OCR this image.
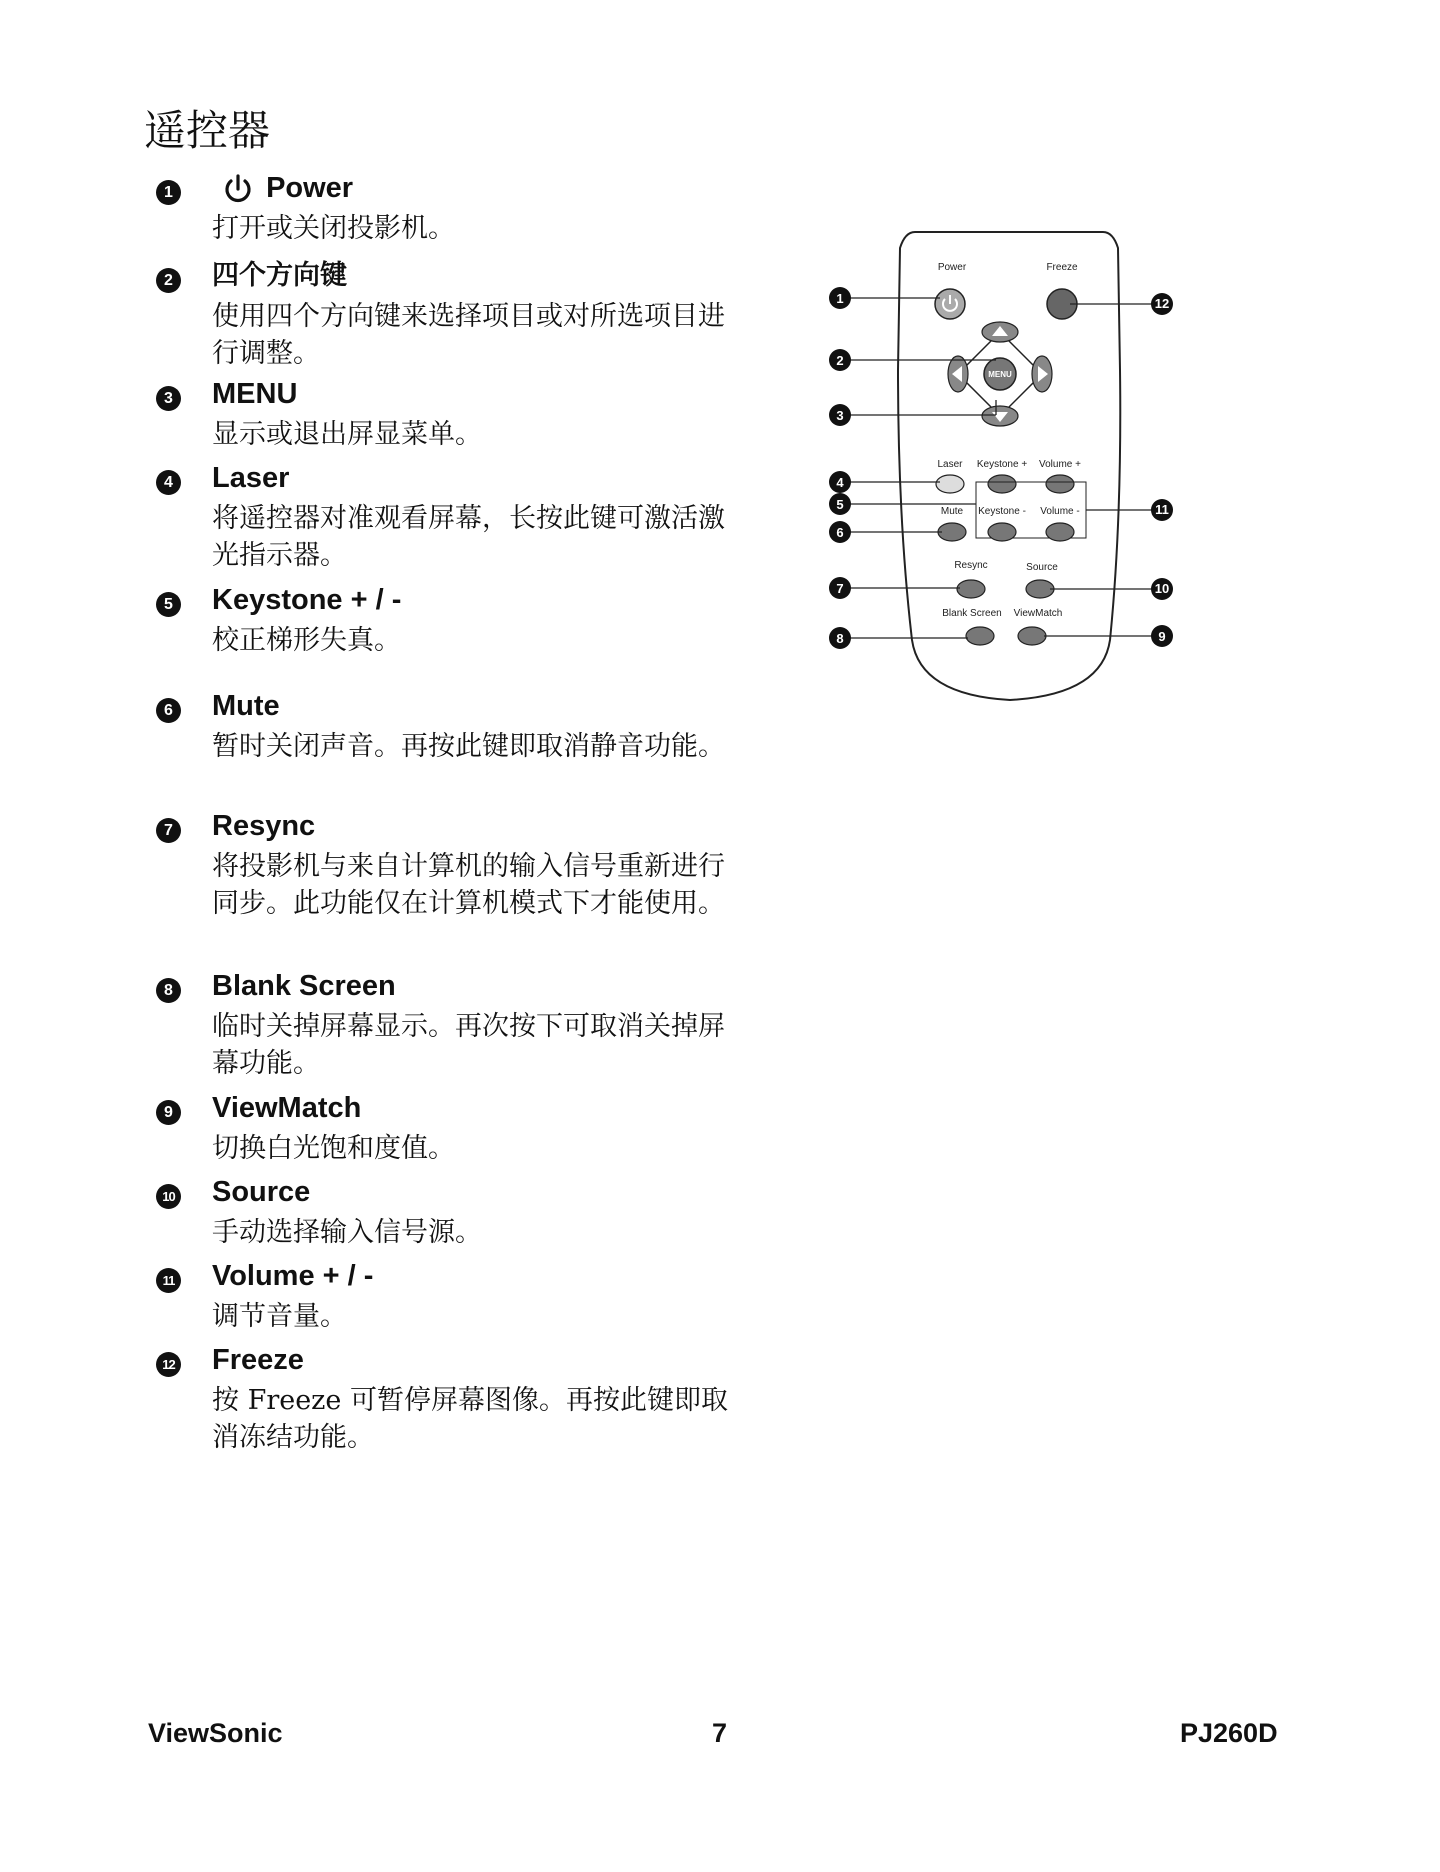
遥控器
1	Power
打开或关闭投影机。
2 四个方向键
使用四个方向键来选择项目或对所选项目进行调整。
3 MENU
显示或退出屏显菜单。
4 Laser
将遥控器对准观看屏幕，长按此键可激活激光指示器。
5 Keystone + / -
校正梯形失真。
6 Mute
暂时关闭声音。再按此键即取消静音功能。
7 Resync
将投影机与来自计算机的输入信号重新进行同步。此功能仅在计算机模式下才能使用。
8 Blank Screen
临时关掉屏幕显示。再次按下可取消关掉屏幕功能。
9 ViewMatch
切换白光饱和度值。
10 Source
手动选择输入信号源。
11 Volume + / -
调节音量。
12 Freeze
按 Freeze 可暂停屏幕图像。再按此键即取消冻结功能。
Power	Freeze
MENU
Laser Keystone + Volume +
Mute Keystone - Volume -
Resync	Source
Blank Screen ViewMatch
1
2
3
4
5
6
7
8	9
10
11
12
ViewSonic	7	PJ260D
